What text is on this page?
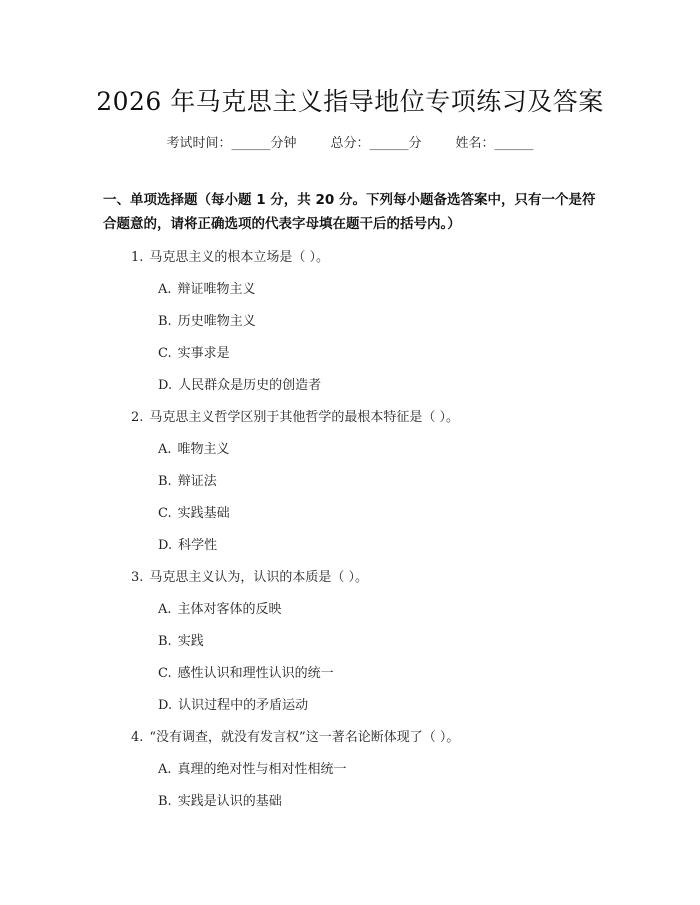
2026 年马克思主义指导地位专项练习及答案
考试时间：______分钟	总分：______分	姓名：______
一、单项选择题（每小题 1 分，共 20 分。下列每小题备选答案中，只有一个是符合题意的，请将正确选项的代表字母填在题干后的括号内。）
1. 马克思主义的根本立场是（ ）。
A. 辩证唯物主义
B. 历史唯物主义
C. 实事求是
D. 人民群众是历史的创造者
2. 马克思主义哲学区别于其他哲学的最根本特征是（ ）。
A. 唯物主义
B. 辩证法
C. 实践基础
D. 科学性
3. 马克思主义认为，认识的本质是（ ）。
A. 主体对客体的反映
B. 实践
C. 感性认识和理性认识的统一
D. 认识过程中的矛盾运动
4. “没有调查，就没有发言权”这一著名论断体现了（ ）。
A. 真理的绝对性与相对性相统一
B. 实践是认识的基础
